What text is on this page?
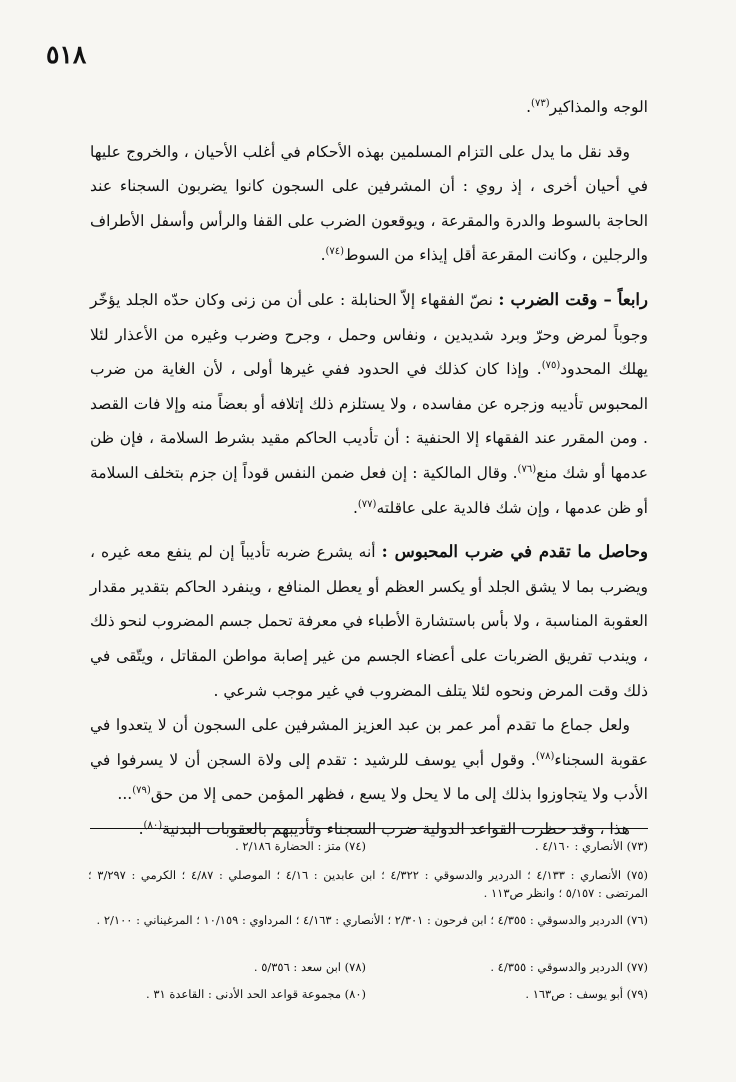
٥١٨

الوجه والمذاكير$^{(٧٣)}$.

وقد نقل ما يدل على التزام المسلمين بهذه الأحكام في أغلب الأحيان ، والخروج عليها في أحيان أخرى ، إذ روي : أن المشرفين على السجون كانوا يضربون السجناء عند الحاجة بالسوط والدرة والمقرعة ، ويوقعون الضرب على القفا والرأس وأسفل الأطراف والرجلين ، وكانت المقرعة أقل إيذاء من السوط$^{(٧٤)}$.

رابعاً – وقت الضرب : نصّ الفقهاء إلاّ الحنابلة : على أن من زنى وكان حدّه الجلد يؤخّر وجوباً لمرض وحرّ وبرد شديدين ، ونفاس وحمل ، وجرح وضرب وغيره من الأعذار لئلا يهلك المحدود$^{(٧٥)}$. وإذا كان كذلك في الحدود ففي غيرها أولى ، لأن الغاية من ضرب المحبوس تأديبه وزجره عن مفاسده ، ولا يستلزم ذلك إتلافه أو بعضاً منه وإلا فات القصد . ومن المقرر عند الفقهاء إلا الحنفية : أن تأديب الحاكم مقيد بشرط السلامة ، فإن ظن عدمها أو شك منع$^{(٧٦)}$. وقال المالكية : إن فعل ضمن النفس قوداً إن جزم بتخلف السلامة أو ظن عدمها ، وإن شك فالدية على عاقلته$^{(٧٧)}$.

وحاصل ما تقدم في ضرب المحبوس : أنه يشرع ضربه تأديباً إن لم ينفع معه غيره ، ويضرب بما لا يشق الجلد أو يكسر العظم أو يعطل المنافع ، وينفرد الحاكم بتقدير مقدار العقوبة المناسبة ، ولا بأس باستشارة الأطباء في معرفة تحمل جسم المضروب لنحو ذلك ، ويندب تفريق الضربات على أعضاء الجسم من غير إصابة مواطن المقاتل ، ويتّقى في ذلك وقت المرض ونحوه لئلا يتلف المضروب في غير موجب شرعي .

ولعل جماع ما تقدم أمر عمر بن عبد العزيز المشرفين على السجون أن لا يتعدوا في عقوبة السجناء$^{(٧٨)}$. وقول أبي يوسف للرشيد : تقدم إلى ولاة السجن أن لا يسرفوا في الأدب ولا يتجاوزوا بذلك إلى ما لا يحل ولا يسع ، فظهر المؤمن حمى إلا من حق$^{(٧٩)}$...

هذا ، وقد حظرت القواعد الدولية ضرب السجناء وتأديبهم بالعقوبات البدنية$^{(٨٠)}$.

(٧٣) الأنصاري : ٤/١٦٠ .
(٧٤) متز : الحضارة ٢/١٨٦ .
(٧٥) الأنصاري : ٤/١٣٣ ؛ الدردير والدسوقي : ٤/٣٢٢ ؛ ابن عابدين : ٤/١٦ ؛ الموصلي : ٤/٨٧ ؛ الكرمي : ٣/٢٩٧ ؛ المرتضى : ٥/١٥٧ ؛ وانظر ص١١٣ .
(٧٦) الدردير والدسوقي : ٤/٣٥٥ ؛ ابن فرحون : ٢/٣٠١ ؛ الأنصاري : ٤/١٦٣ ؛ المرداوي : ١٠/١٥٩ ؛ المرغيناني : ٢/١٠٠ .
(٧٧) الدردير والدسوقي : ٤/٣٥٥ .
(٧٨) ابن سعد : ٥/٣٥٦ .
(٧٩) أبو يوسف : ص١٦٣ .
(٨٠) مجموعة قواعد الحد الأدنى : القاعدة ٣١ .
